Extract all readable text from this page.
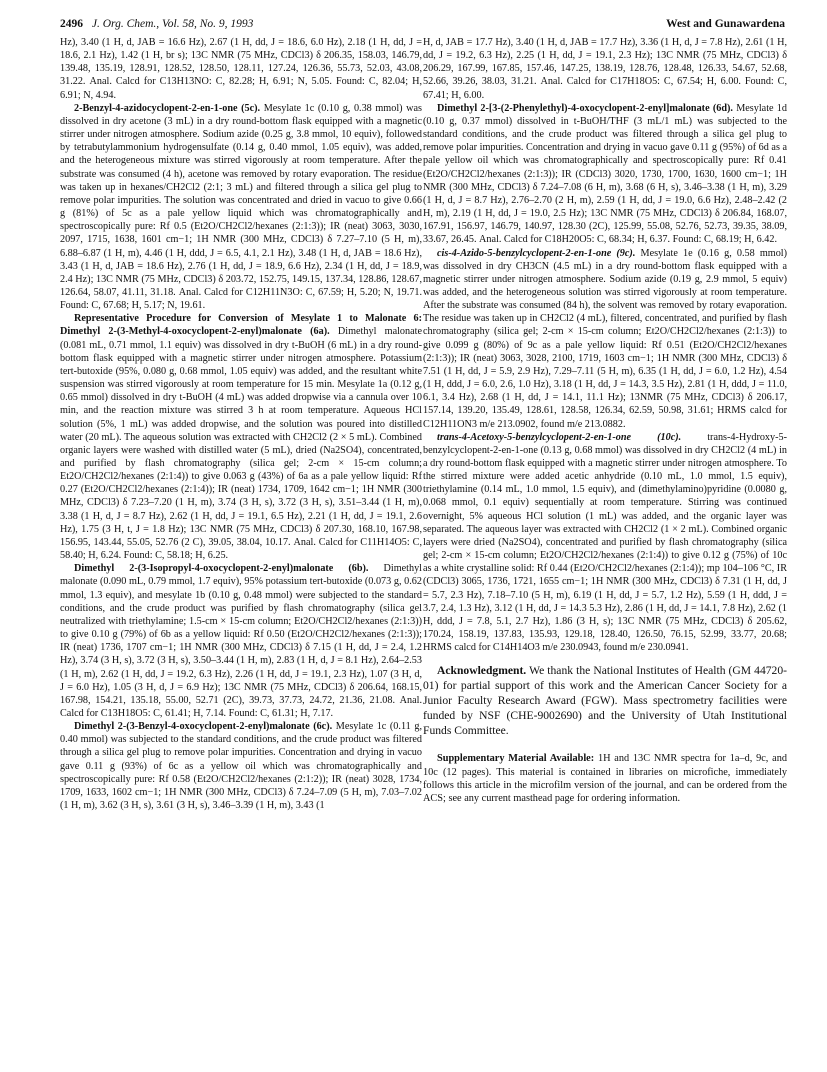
2496 J. Org. Chem., Vol. 58, No. 9, 1993	West and Gunawardena

Hz), 3.40 (1 H, d, JAB = 16.6 Hz), 2.67 (1 H, dd, J = 18.6, 6.0 Hz), 2.18 (1 H, dd, J = 18.6, 2.1 Hz), 1.42 (1 H, br s); 13C NMR (75 MHz, CDCl3) δ 206.35, 158.03, 146.79, 139.48, 135.19, 128.91, 128.52, 128.50, 128.11, 127.24, 126.36, 55.73, 52.03, 43.08, 31.22. Anal. Calcd for C13H13NO: C, 82.28; H, 6.91; N, 5.05. Found: C, 82.04; H, 6.91; N, 4.94.

2-Benzyl-4-azidocyclopent-2-en-1-one (5c). Mesylate 1c (0.10 g, 0.38 mmol) was dissolved in dry acetone (3 mL) in a dry round-bottom flask equipped with a magnetic stirrer under nitrogen atmosphere. Sodium azide (0.25 g, 3.8 mmol, 10 equiv), followed by tetrabutylammonium hydrogensulfate (0.14 g, 0.40 mmol, 1.05 equiv), was added, and the heterogeneous mixture was stirred vigorously at room temperature. After the substrate was consumed (4 h), acetone was removed by rotary evaporation. The residue was taken up in hexanes/CH2Cl2 (2:1; 3 mL) and filtered through a silica gel plug to remove polar impurities. The solution was concentrated and dried in vacuo to give 0.66 g (81%) of 5c as a pale yellow liquid which was chromatographically and spectroscopically pure: Rf 0.5 (Et2O/CH2Cl2/hexanes (2:1:3)); IR (neat) 3063, 3030, 2097, 1715, 1638, 1601 cm−1; 1H NMR (300 MHz, CDCl3) δ 7.27–7.10 (5 H, m), 6.88–6.87 (1 H, m), 4.46 (1 H, ddd, J = 6.5, 4.1, 2.1 Hz), 3.48 (1 H, d, JAB = 18.6 Hz), 3.43 (1 H, d, JAB = 18.6 Hz), 2.76 (1 H, dd, J = 18.9, 6.6 Hz), 2.34 (1 H, dd, J = 18.9, 2.4 Hz); 13C NMR (75 MHz, CDCl3) δ 203.72, 152.75, 149.15, 137.34, 128.86, 128.67, 126.64, 58.07, 41.11, 31.18. Anal. Calcd for C12H11N3O: C, 67.59; H, 5.20; N, 19.71. Found: C, 67.68; H, 5.17; N, 19.61.

Representative Procedure for Conversion of Mesylate 1 to Malonate 6: Dimethyl 2-(3-Methyl-4-oxocyclopent-2-enyl)malonate (6a). Dimethyl malonate (0.081 mL, 0.71 mmol, 1.1 equiv) was dissolved in dry t-BuOH (6 mL) in a dry round-bottom flask equipped with a magnetic stirrer under nitrogen atmosphere. Potassium tert-butoxide (95%, 0.080 g, 0.68 mmol, 1.05 equiv) was added, and the resultant white suspension was stirred vigorously at room temperature for 15 min. Mesylate 1a (0.12 g, 0.65 mmol) dissolved in dry t-BuOH (4 mL) was added dropwise via a cannula over 10 min, and the reaction mixture was stirred 3 h at room temperature. Aqueous HCl solution (5%, 1 mL) was added dropwise, and the solution was poured into distilled water (20 mL). The aqueous solution was extracted with CH2Cl2 (2 × 5 mL). Combined organic layers were washed with distilled water (5 mL), dried (Na2SO4), concentrated, and purified by flash chromatography (silica gel; 2-cm × 15-cm column; Et2O/CH2Cl2/hexanes (2:1:4)) to give 0.063 g (43%) of 6a as a pale yellow liquid: Rf 0.27 (Et2O/CH2Cl2/hexanes (2:1:4)); IR (neat) 1734, 1709, 1642 cm−1; 1H NMR (300 MHz, CDCl3) δ 7.23–7.20 (1 H, m), 3.74 (3 H, s), 3.72 (3 H, s), 3.51–3.44 (1 H, m), 3.38 (1 H, d, J = 8.7 Hz), 2.62 (1 H, dd, J = 19.1, 6.5 Hz), 2.21 (1 H, dd, J = 19.1, 2.6 Hz), 1.75 (3 H, t, J = 1.8 Hz); 13C NMR (75 MHz, CDCl3) δ 207.30, 168.10, 167.98, 156.95, 143.44, 55.05, 52.76 (2 C), 39.05, 38.04, 10.17. Anal. Calcd for C11H14O5: C, 58.40; H, 6.24. Found: C, 58.18; H, 6.25.

Dimethyl 2-(3-Isopropyl-4-oxocyclopent-2-enyl)malonate (6b). Dimethyl malonate (0.090 mL, 0.79 mmol, 1.7 equiv), 95% potassium tert-butoxide (0.073 g, 0.62 mmol, 1.3 equiv), and mesylate 1b (0.10 g, 0.48 mmol) were subjected to the standard conditions, and the crude product was purified by flash chromatography (silica gel neutralized with triethylamine; 1.5-cm × 15-cm column; Et2O/CH2Cl2/hexanes (2:1:3)) to give 0.10 g (79%) of 6b as a yellow liquid: Rf 0.50 (Et2O/CH2Cl2/hexanes (2:1:3)); IR (neat) 1736, 1707 cm−1; 1H NMR (300 MHz, CDCl3) δ 7.15 (1 H, dd, J = 2.4, 1.2 Hz), 3.74 (3 H, s), 3.72 (3 H, s), 3.50–3.44 (1 H, m), 2.83 (1 H, d, J = 8.1 Hz), 2.64–2.53 (1 H, m), 2.62 (1 H, dd, J = 19.2, 6.3 Hz), 2.26 (1 H, dd, J = 19.1, 2.3 Hz), 1.07 (3 H, d, J = 6.0 Hz), 1.05 (3 H, d, J = 6.9 Hz); 13C NMR (75 MHz, CDCl3) δ 206.64, 168.15, 167.98, 154.21, 135.18, 55.00, 52.71 (2C), 39.73, 37.73, 24.72, 21.36, 21.08. Anal. Calcd for C13H18O5: C, 61.41; H, 7.14. Found: C, 61.31; H, 7.17.

Dimethyl 2-(3-Benzyl-4-oxocyclopent-2-enyl)malonate (6c). Mesylate 1c (0.11 g, 0.40 mmol) was subjected to the standard conditions, and the crude product was filtered through a silica gel plug to remove polar impurities. Concentration and drying in vacuo gave 0.11 g (93%) of 6c as a yellow oil which was chromatographically and spectroscopically pure: Rf 0.58 (Et2O/CH2Cl2/hexanes (2:1:2)); IR (neat) 3028, 1734, 1709, 1633, 1602 cm−1; 1H NMR (300 MHz, CDCl3) δ 7.24–7.09 (5 H, m), 7.03–7.02 (1 H, m), 3.62 (3 H, s), 3.61 (3 H, s), 3.46–3.39 (1 H, m), 3.43 (1

H, d, JAB = 17.7 Hz), 3.40 (1 H, d, JAB = 17.7 Hz), 3.36 (1 H, d, J = 7.8 Hz), 2.61 (1 H, dd, J = 19.2, 6.3 Hz), 2.25 (1 H, dd, J = 19.1, 2.3 Hz); 13C NMR (75 MHz, CDCl3) δ 206.29, 167.99, 167.85, 157.46, 147.25, 138.19, 128.76, 128.48, 126.33, 54.67, 52.68, 52.66, 39.26, 38.03, 31.21. Anal. Calcd for C17H18O5: C, 67.54; H, 6.00. Found: C, 67.41; H, 6.00.

Dimethyl 2-[3-(2-Phenylethyl)-4-oxocyclopent-2-enyl]malonate (6d). Mesylate 1d (0.10 g, 0.37 mmol) dissolved in t-BuOH/THF (3 mL/1 mL) was subjected to the standard conditions, and the crude product was filtered through a silica gel plug to remove polar impurities. Concentration and drying in vacuo gave 0.11 g (95%) of 6d as a pale yellow oil which was chromatographically and spectroscopically pure: Rf 0.41 (Et2O/CH2Cl2/hexanes (2:1:3)); IR (CDCl3) 3020, 1730, 1700, 1630, 1600 cm−1; 1H NMR (300 MHz, CDCl3) δ 7.24–7.08 (6 H, m), 3.68 (6 H, s), 3.46–3.38 (1 H, m), 3.29 (1 H, d, J = 8.7 Hz), 2.76–2.70 (2 H, m), 2.59 (1 H, dd, J = 19.0, 6.6 Hz), 2.48–2.42 (2 H, m), 2.19 (1 H, dd, J = 19.0, 2.5 Hz); 13C NMR (75 MHz, CDCl3) δ 206.84, 168.07, 167.91, 156.97, 146.79, 140.97, 128.30 (2C), 125.99, 55.08, 52.76, 52.73, 39.35, 38.09, 33.67, 26.45. Anal. Calcd for C18H20O5: C, 68.34; H, 6.37. Found: C, 68.19; H, 6.42.

cis-4-Azido-5-benzylcyclopent-2-en-1-one (9c). Mesylate 1e (0.16 g, 0.58 mmol) was dissolved in dry CH3CN (4.5 mL) in a dry round-bottom flask equipped with a magnetic stirrer under nitrogen atmosphere. Sodium azide (0.19 g, 2.9 mmol, 5 equiv) was added, and the heterogeneous solution was stirred vigorously at room temperature. After the substrate was consumed (84 h), the solvent was removed by rotary evaporation. The residue was taken up in CH2Cl2 (4 mL), filtered, concentrated, and purified by flash chromatography (silica gel; 2-cm × 15-cm column; Et2O/CH2Cl2/hexanes (2:1:3)) to give 0.099 g (80%) of 9c as a pale yellow liquid: Rf 0.51 (Et2O/CH2Cl2/hexanes (2:1:3)); IR (neat) 3063, 3028, 2100, 1719, 1603 cm−1; 1H NMR (300 MHz, CDCl3) δ 7.51 (1 H, dd, J = 5.9, 2.9 Hz), 7.29–7.11 (5 H, m), 6.35 (1 H, dd, J = 6.0, 1.2 Hz), 4.54 (1 H, ddd, J = 6.0, 2.6, 1.0 Hz), 3.18 (1 H, dd, J = 14.3, 3.5 Hz), 2.81 (1 H, ddd, J = 11.0, 6.1, 3.4 Hz), 2.68 (1 H, dd, J = 14.1, 11.1 Hz); 13NMR (75 MHz, CDCl3) δ 206.17, 157.14, 139.20, 135.49, 128.61, 128.58, 126.34, 62.59, 50.98, 31.61; HRMS calcd for C12H11ON3 m/e 213.0902, found m/e 213.0882.

trans-4-Acetoxy-5-benzylcyclopent-2-en-1-one (10c). trans-4-Hydroxy-5-benzylcyclopent-2-en-1-one (0.13 g, 0.68 mmol) was dissolved in dry CH2Cl2 (4 mL) in a dry round-bottom flask equipped with a magnetic stirrer under nitrogen atmosphere. To the stirred mixture were added acetic anhydride (0.10 mL, 1.0 mmol, 1.5 equiv), triethylamine (0.14 mL, 1.0 mmol, 1.5 equiv), and (dimethylamino)pyridine (0.0080 g, 0.068 mmol, 0.1 equiv) sequentially at room temperature. Stirring was continued overnight, 5% aqueous HCl solution (1 mL) was added, and the organic layer was separated. The aqueous layer was extracted with CH2Cl2 (1 × 2 mL). Combined organic layers were dried (Na2SO4), concentrated and purified by flash chromatography (silica gel; 2-cm × 15-cm column; Et2O/CH2Cl2/hexanes (2:1:4)) to give 0.12 g (75%) of 10c as a white crystalline solid: Rf 0.44 (Et2O/CH2Cl2/hexanes (2:1:4)); mp 104–106 °C, IR (CDCl3) 3065, 1736, 1721, 1655 cm−1; 1H NMR (300 MHz, CDCl3) δ 7.31 (1 H, dd, J = 5.7, 2.3 Hz), 7.18–7.10 (5 H, m), 6.19 (1 H, dd, J = 5.7, 1.2 Hz), 5.59 (1 H, ddd, J = 3.7, 2.4, 1.3 Hz), 3.12 (1 H, dd, J = 14.3 5.3 Hz), 2.86 (1 H, dd, J = 14.1, 7.8 Hz), 2.62 (1 H, ddd, J = 7.8, 5.1, 2.7 Hz), 1.86 (3 H, s); 13C NMR (75 MHz, CDCl3) δ 205.62, 170.24, 158.19, 137.83, 135.93, 129.18, 128.40, 126.50, 76.15, 52.99, 33.77, 20.68; HRMS calcd for C14H14O3 m/e 230.0943, found m/e 230.0941.

Acknowledgment. We thank the National Institutes of Health (GM 44720-01) for partial support of this work and the American Cancer Society for a Junior Faculty Research Award (FGW). Mass spectrometry facilities were funded by NSF (CHE-9002690) and the University of Utah Institutional Funds Committee.

Supplementary Material Available: 1H and 13C NMR spectra for 1a–d, 9c, and 10c (12 pages). This material is contained in libraries on microfiche, immediately follows this article in the microfilm version of the journal, and can be ordered from the ACS; see any current masthead page for ordering information.
